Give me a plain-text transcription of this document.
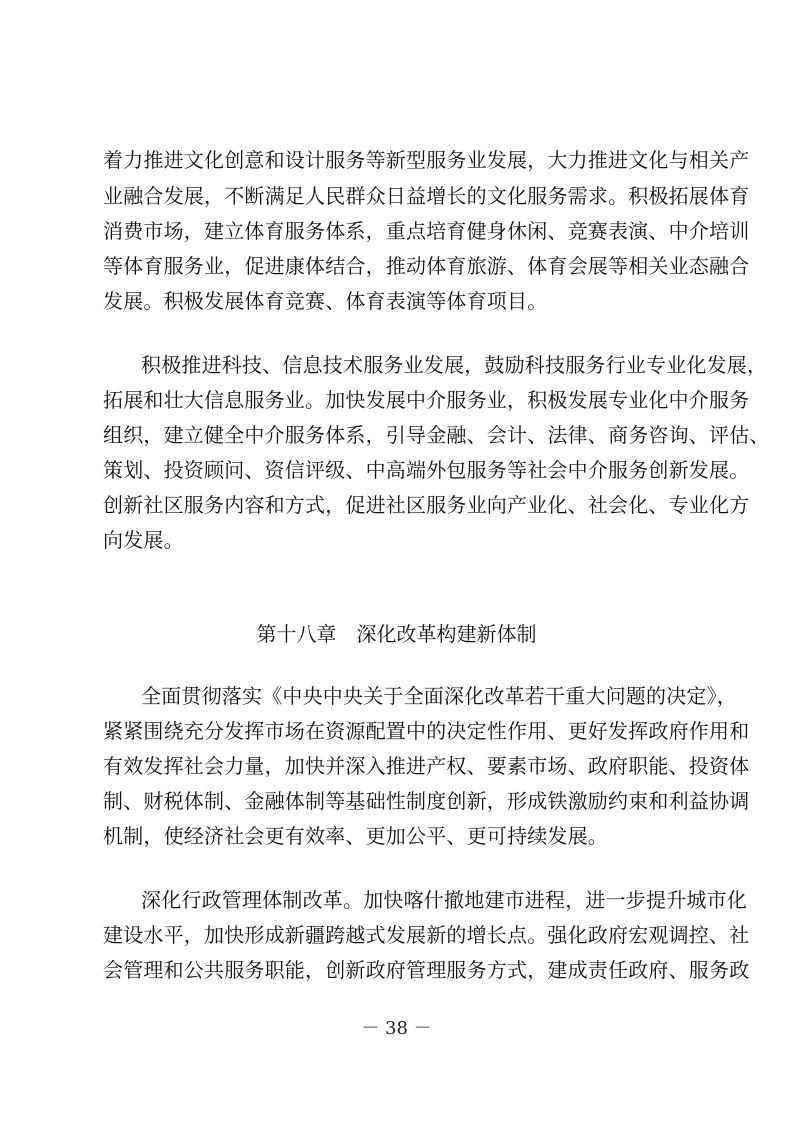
着力推进文化创意和设计服务等新型服务业发展，大力推进文化与相关产
业融合发展，不断满足人民群众日益增长的文化服务需求。积极拓展体育
消费市场，建立体育服务体系，重点培育健身休闲、竞赛表演、中介培训
等体育服务业，促进康体结合，推动体育旅游、体育会展等相关业态融合
发展。积极发展体育竞赛、体育表演等体育项目。
积极推进科技、信息技术服务业发展，鼓励科技服务行业专业化发展，
拓展和壮大信息服务业。加快发展中介服务业，积极发展专业化中介服务
组织，建立健全中介服务体系，引导金融、会计、法律、商务咨询、评估、
策划、投资顾问、资信评级、中高端外包服务等社会中介服务创新发展。
创新社区服务内容和方式，促进社区服务业向产业化、社会化、专业化方
向发展。
第十八章　深化改革构建新体制
全面贯彻落实《中央中央关于全面深化改革若干重大问题的决定》，
紧紧围绕充分发挥市场在资源配置中的决定性作用、更好发挥政府作用和
有效发挥社会力量，加快并深入推进产权、要素市场、政府职能、投资体
制、财税体制、金融体制等基础性制度创新，形成铁激励约束和利益协调
机制，使经济社会更有效率、更加公平、更可持续发展。
深化行政管理体制改革。加快喀什撤地建市进程，进一步提升城市化
建设水平，加快形成新疆跨越式发展新的增长点。强化政府宏观调控、社
会管理和公共服务职能，创新政府管理服务方式，建成责任政府、服务政
－ 38 －
